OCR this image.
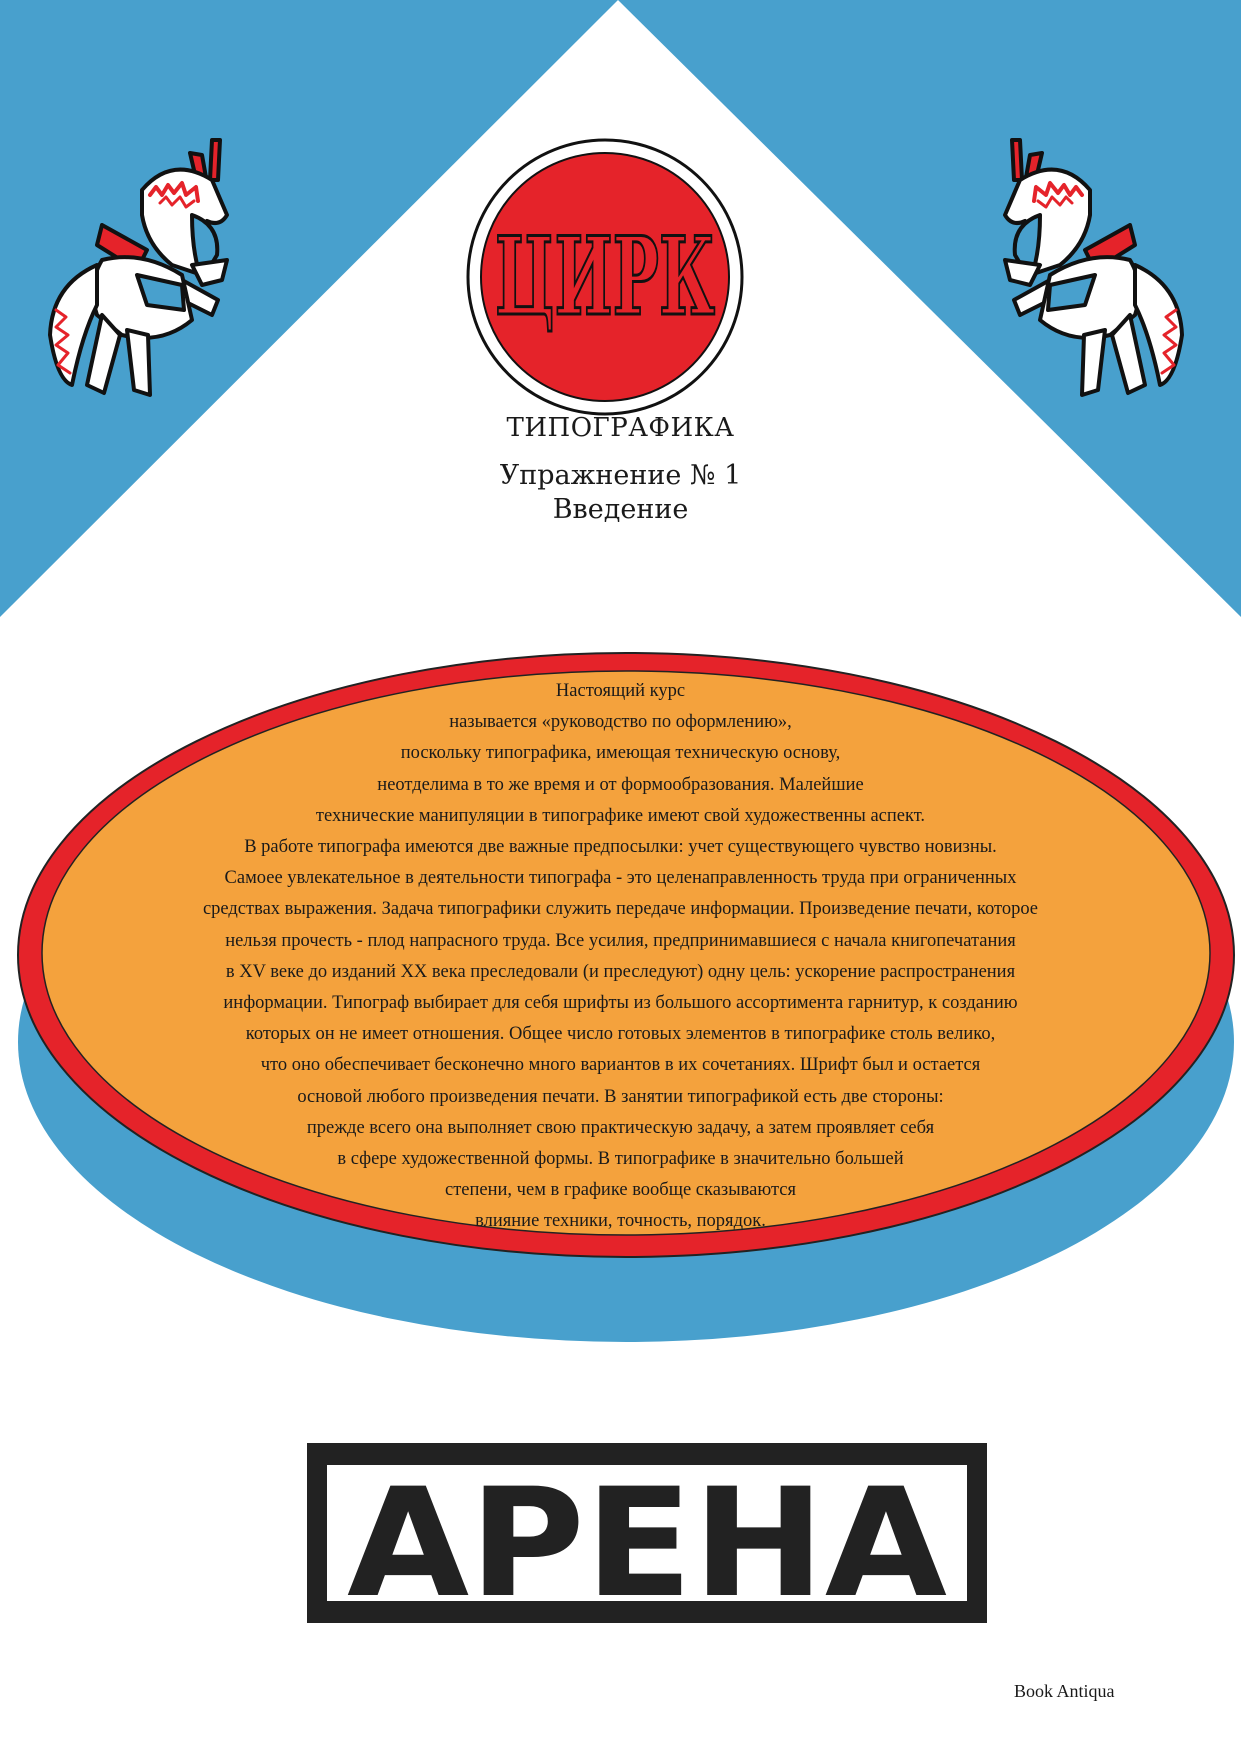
ЦИРК
ТИПОГРАФИКА
Упражнение № 1
Введение
Настоящий курс
называется «руководство по оформлению»,
поскольку типографика, имеющая техническую основу,
неотделима в то же время и от формообразования. Малейшие
технические манипуляции в типографике имеют свой художественны аспект.
В работе типографа имеются две важные предпосылки: учет существующего чувство новизны.
Самоее увлекательное в деятельности типографа - это целенаправленность труда при ограниченных
средствах выражения. Задача типографики служить передаче информации. Произведение печати, которое
нельзя прочесть - плод напрасного труда. Все усилия, предпринимавшиеся с начала книгопечатания
в XV веке до изданий XX века преследовали (и преследуют) одну цель: ускорение распространения
информации. Типограф выбирает для себя шрифты из большого ассортимента гарнитур, к созданию
которых он не имеет отношения. Общее число готовых элементов в типографике столь велико,
что оно обеспечивает бесконечно много вариантов в их сочетаниях. Шрифт был и остается
основой любого произведения печати. В занятии типографикой есть две стороны:
прежде всего она выполняет свою практическую задачу, а затем проявляет себя
в сфере художественной формы. В типографике в значительно большей
степени, чем в графике вообще сказываются
влияние техники, точность, порядок.
АРЕНА
Book Antiqua
